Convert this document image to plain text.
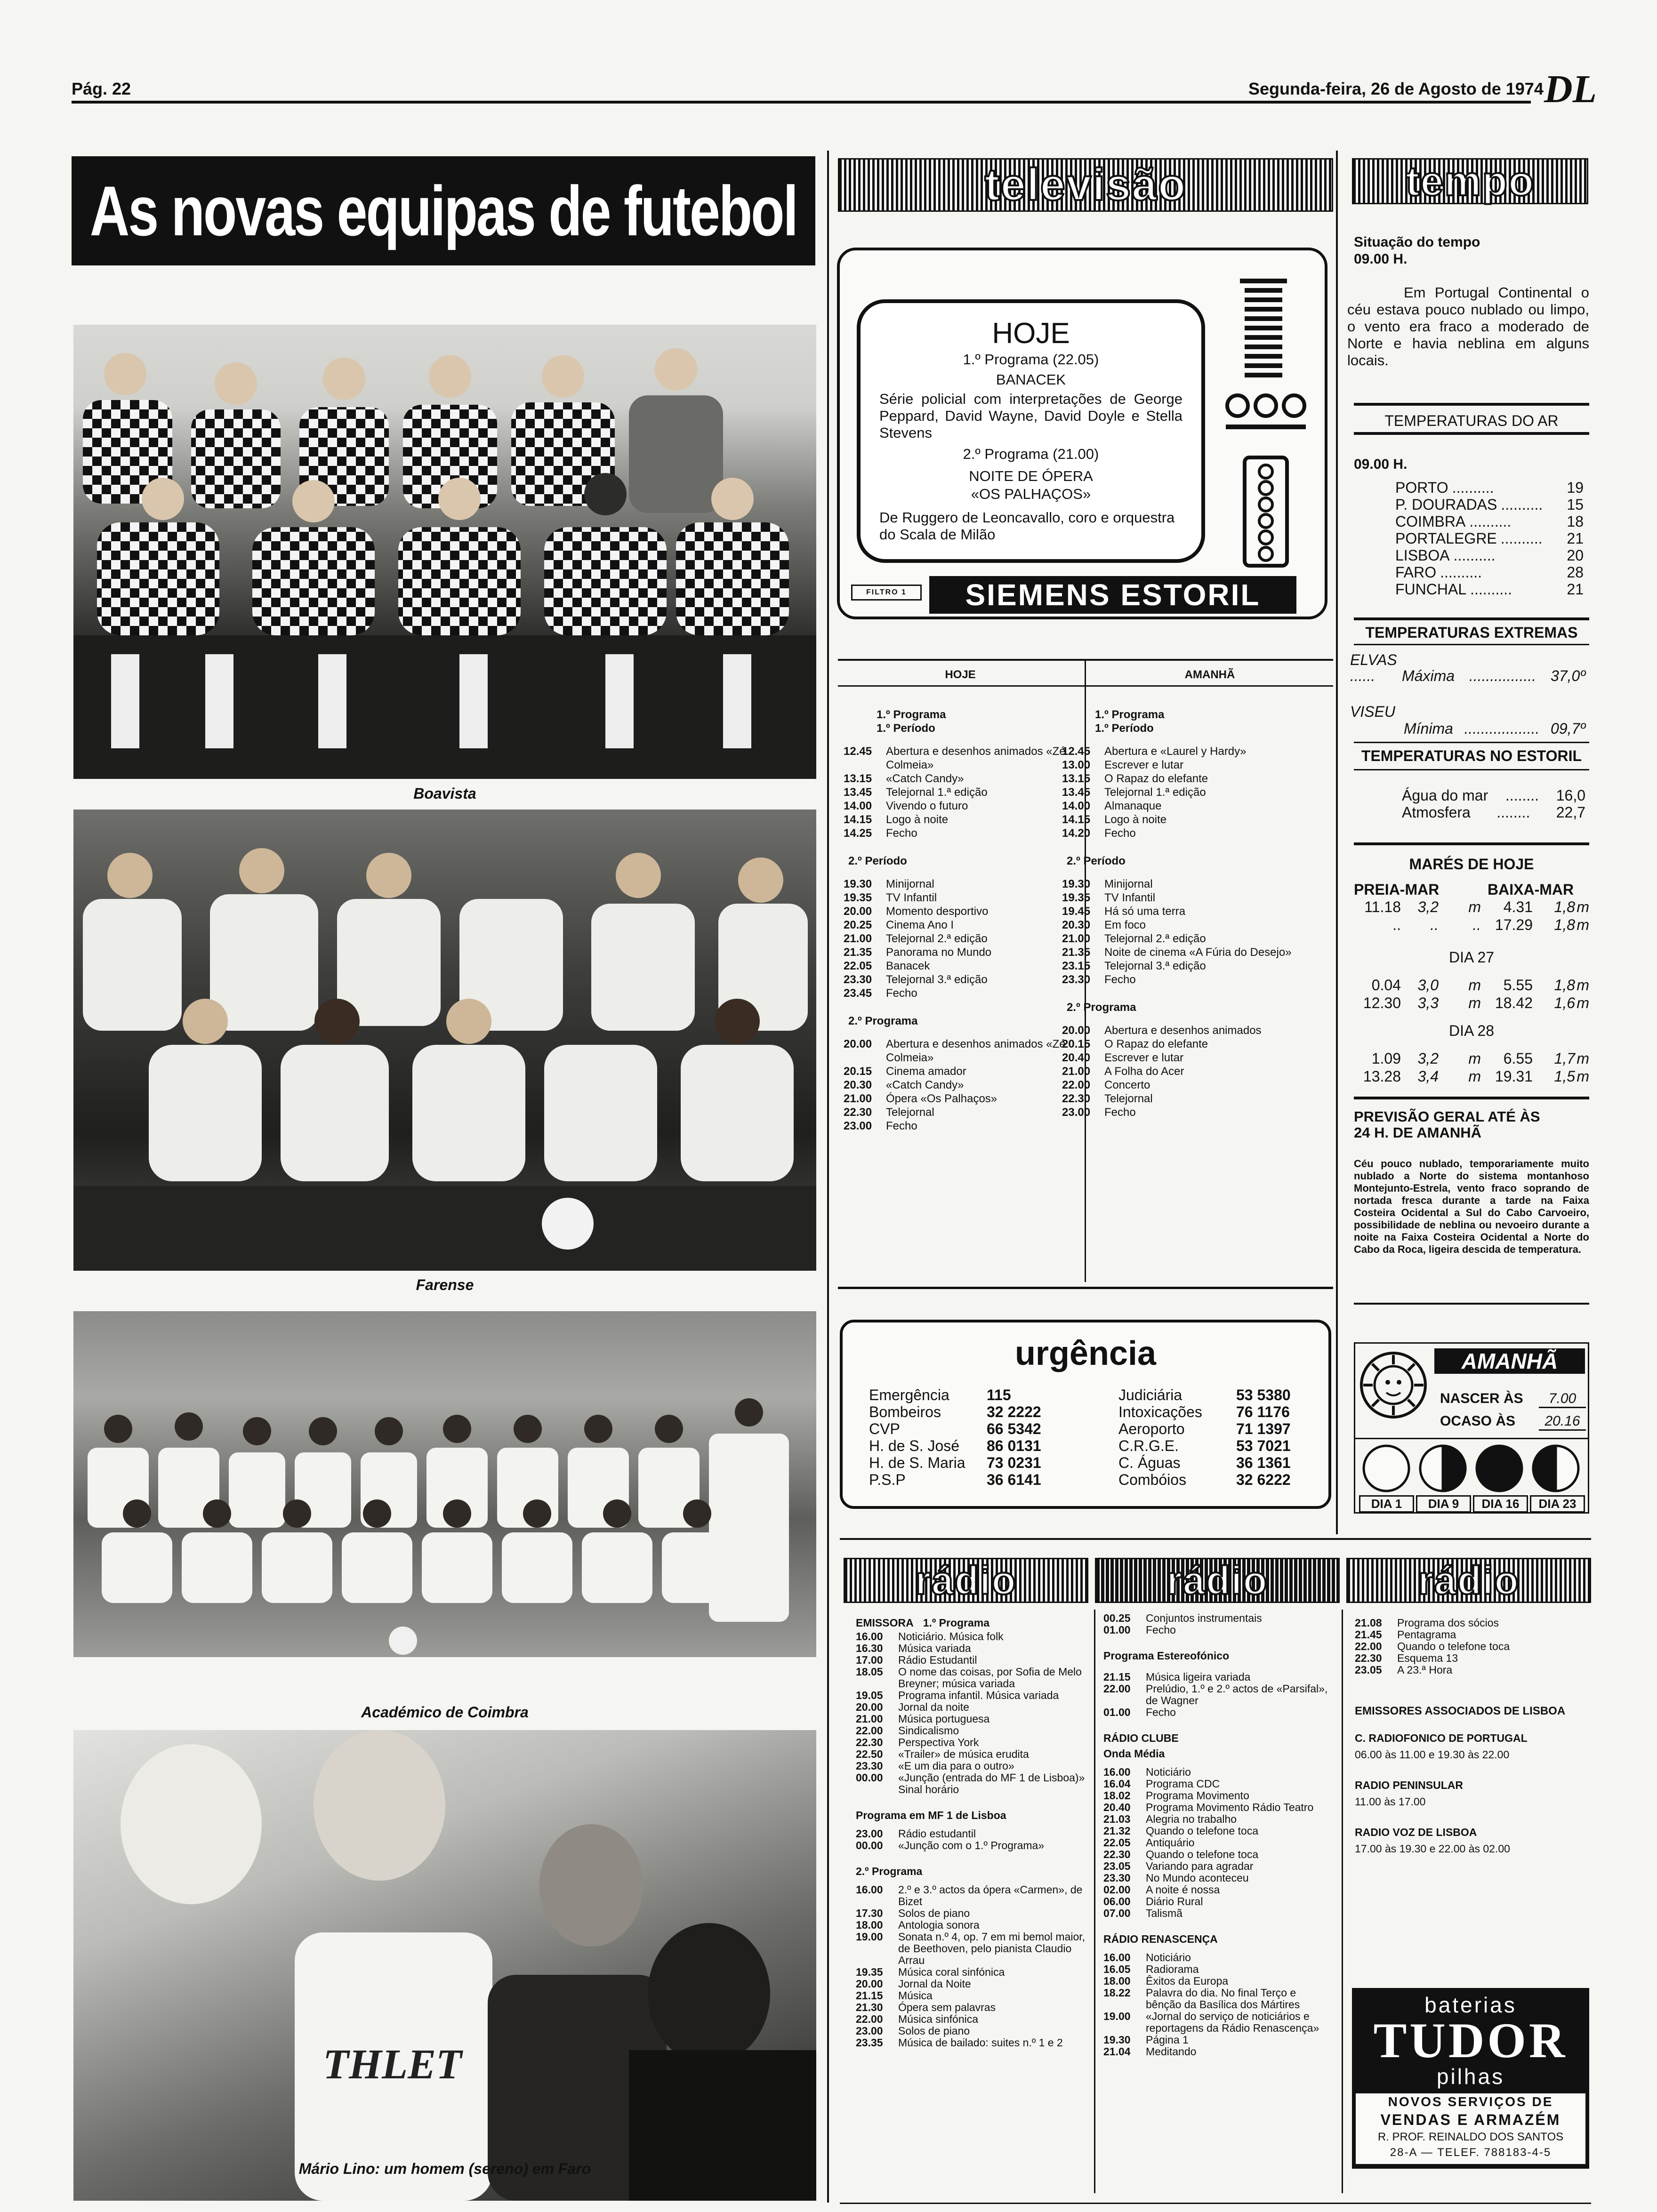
Pág. 22	Segunda-feira, 26 de Agosto de 1974 DL
As novas equipas de futebol
Boavista
Farense
Académico de Coimbra
THLET
Mário Lino: um homem (sereno) em Faro
televisão
HOJE
1.º Programa (22.05)
BANACEK
Série policial com interpretações de George Peppard, David Wayne, David Doyle e Stella Stevens
2.º Programa (21.00)
NOITE DE ÓPERA
«OS PALHAÇOS»
De Ruggero de Leoncavallo, coro e orquestra do Scala de Milão
FILTRO 1	SIEMENS ESTORIL
HOJE	AMANHÃ
1.º Programa
1.º Período
12.45	Abertura e desenhos animados «Zé Colmeia»
13.15	«Catch Candy»
13.45	Telejornal 1.ª edição
14.00	Vivendo o futuro
14.15	Logo à noite
14.25	Fecho
2.º Período
19.30	Minijornal
19.35	TV Infantil
20.00	Momento desportivo
20.25	Cinema Ano I
21.00	Telejornal 2.ª edição
21.35	Panorama no Mundo
22.05	Banacek
23.30	Telejornal 3.ª edição
23.45	Fecho
2.º Programa
20.00	Abertura e desenhos animados «Zé Colmeia»
20.15	Cinema amador
20.30	«Catch Candy»
21.00	Ópera «Os Palhaços»
22.30	Telejornal
23.00	Fecho
1.º Programa
1.º Período
12.45	Abertura e «Laurel y Hardy»
13.00	Escrever e lutar
13.15	O Rapaz do elefante
13.45	Telejornal 1.ª edição
14.00	Almanaque
14.15	Logo à noite
14.20	Fecho
2.º Período
19.30	Minijornal
19.35	TV Infantil
19.45	Há só uma terra
20.30	Em foco
21.00	Telejornal 2.ª edição
21.35	Noite de cinema «A Fúria do Desejo»
23.15	Telejornal 3.ª edição
23.30	Fecho
2.º Programa
20.00	Abertura e desenhos animados
20.15	O Rapaz do elefante
20.40	Escrever e lutar
21.00	A Folha do Acer
22.00	Concerto
22.30	Telejornal
23.00	Fecho
urgência
Emergência	115
Bombeiros	32 2222
CVP	66 5342
H. de S. José	86 0131
H. de S. Maria	73 0231
P.S.P	36 6141
Judiciária	53 5380
Intoxicações	76 1176
Aeroporto	71 1397
C.R.G.E.	53 7021
C. Águas	36 1361
Combóios	32 6222
tempo
Situação do tempo
09.00 H.
Em Portugal Continental o céu estava pouco nublado ou limpo, o vento era fraco a moderado de Norte e havia neblina em alguns locais.
TEMPERATURAS DO AR
09.00 H.
PORTO ..........	19
P. DOURADAS ..........	15
COIMBRA ..........	18
PORTALEGRE ..........	21
LISBOA ..........	20
FARO ..........	28
FUNCHAL ..........	21
TEMPERATURAS EXTREMAS
ELVAS
......	Máxima ................ 37,0º
VISEU
Mínima .................. 09,7º
TEMPERATURAS NO ESTORIL
Água do mar	........	16,0
Atmosfera	........	22,7
MARÉS DE HOJE
PREIA-MAR	BAIXA-MAR
11.18	3,2	m	4.31	1,8 m
..	..	.. 17.29	1,8 m
DIA 27
0.04	3,0	m	5.55	1,8 m
12.30	3,3	m 18.42	1,6 m
DIA 28
1.09	3,2	m	6.55	1,7 m
13.28	3,4	m 19.31	1,5 m
PREVISÃO GERAL ATÉ ÀS 24 H. DE AMANHÃ
Céu pouco nublado, temporariamente muito nublado a Norte do sistema montanhoso Montejunto-Estrela, vento fraco soprando de nortada fresca durante a tarde na Faixa Costeira Ocidental a Sul do Cabo Carvoeiro, possibilidade de neblina ou nevoeiro durante a noite na Faixa Costeira Ocidental a Norte do Cabo da Roca, ligeira descida de temperatura.
AMANHÃ
NASCER ÀS	7.00
OCASO ÀS	20.16
DIA 1	DIA 9	DIA 16	DIA 23
rádio	rádio	rádio
EMISSORA 1.º Programa
16.00	Noticiário. Música folk
16.30	Música variada
17.00	Rádio Estudantil
18.05	O nome das coisas, por Sofia de Melo Breyner; música variada
19.05	Programa infantil. Música variada
20.00	Jornal da noite
21.00	Música portuguesa
22.00	Sindicalismo
22.30	Perspectiva York
22.50	«Trailer» de música erudita
23.30	«E um dia para o outro»
00.00	«Junção (entrada do MF 1 de Lisboa)» Sinal horário
Programa em MF 1 de Lisboa
23.00	Rádio estudantil
00.00	«Junção com o 1.º Programa»
2.º Programa
16.00	2.º e 3.º actos da ópera «Carmen», de Bizet
17.30	Solos de piano
18.00	Antologia sonora
19.00	Sonata n.º 4, op. 7 em mi bemol maior, de Beethoven, pelo pianista Claudio Arrau
19.35	Música coral sinfónica
20.00	Jornal da Noite
21.15	Música
21.30	Ópera sem palavras
22.00	Música sinfónica
23.00	Solos de piano
23.35	Música de bailado: suites n.º 1 e 2
00.25	Conjuntos instrumentais
01.00	Fecho
Programa Estereofónico
21.15	Música ligeira variada
22.00	Prelúdio, 1.º e 2.º actos de «Parsifal», de Wagner
01.00	Fecho
RÁDIO CLUBE
Onda Média
16.00	Noticiário
16.04	Programa CDC
18.02	Programa Movimento
20.40	Programa Movimento Rádio Teatro
21.03	Alegria no trabalho
21.32	Quando o telefone toca
22.05	Antiquário
22.30	Quando o telefone toca
23.05	Variando para agradar
23.30	No Mundo aconteceu
02.00	A noite é nossa
06.00	Diário Rural
07.00	Talismã
RÁDIO RENASCENÇA
16.00	Noticiário
16.05	Radiorama
18.00	Êxitos da Europa
18.22	Palavra do dia. No final Terço e bênção da Basílica dos Mártires
19.00	«Jornal do serviço de noticiários e reportagens da Rádio Renascença»
19.30	Página 1
21.04	Meditando
21.08	Programa dos sócios
21.45	Pentagrama
22.00	Quando o telefone toca
22.30	Esquema 13
23.05	A 23.ª Hora
EMISSORES ASSOCIADOS DE LISBOA
C. RADIOFONICO DE PORTUGAL
06.00 às 11.00 e 19.30 às 22.00
RADIO PENINSULAR
11.00 às 17.00
RADIO VOZ DE LISBOA
17.00 às 19.30 e 22.00 às 02.00
baterias
TUDOR
pilhas
NOVOS SERVIÇOS DE
VENDAS E ARMAZÉM
R. PROF. REINALDO DOS SANTOS
28-A — TELEF. 788183-4-5
